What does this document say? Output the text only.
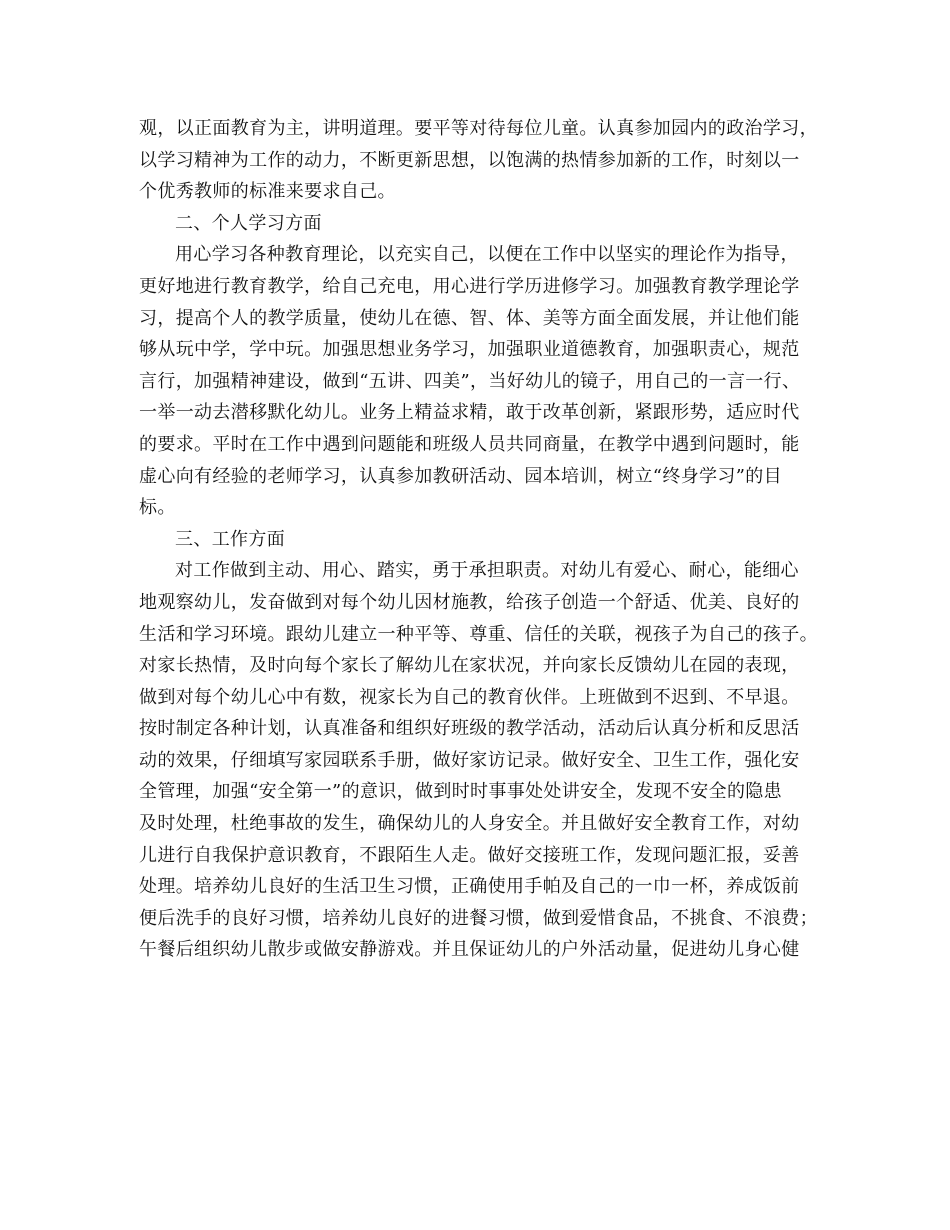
观，以正面教育为主，讲明道理。要平等对待每位儿童。认真参加园内的政治学习，
以学习精神为工作的动力，不断更新思想，以饱满的热情参加新的工作，时刻以一
个优秀教师的标准来要求自己。
二、个人学习方面
用心学习各种教育理论，以充实自己，以便在工作中以坚实的理论作为指导，
更好地进行教育教学，给自己充电，用心进行学历进修学习。加强教育教学理论学
习，提高个人的教学质量，使幼儿在德、智、体、美等方面全面发展，并让他们能
够从玩中学，学中玩。加强思想业务学习，加强职业道德教育，加强职责心，规范
言行，加强精神建设，做到“五讲、四美”，当好幼儿的镜子，用自己的一言一行、
一举一动去潜移默化幼儿。业务上精益求精，敢于改革创新，紧跟形势，适应时代
的要求。平时在工作中遇到问题能和班级人员共同商量，在教学中遇到问题时，能
虚心向有经验的老师学习，认真参加教研活动、园本培训，树立“终身学习”的目
标。
三、工作方面
对工作做到主动、用心、踏实，勇于承担职责。对幼儿有爱心、耐心，能细心
地观察幼儿，发奋做到对每个幼儿因材施教，给孩子创造一个舒适、优美、良好的
生活和学习环境。跟幼儿建立一种平等、尊重、信任的关联，视孩子为自己的孩子。
对家长热情，及时向每个家长了解幼儿在家状况，并向家长反馈幼儿在园的表现，
做到对每个幼儿心中有数，视家长为自己的教育伙伴。上班做到不迟到、不早退。
按时制定各种计划，认真准备和组织好班级的教学活动，活动后认真分析和反思活
动的效果，仔细填写家园联系手册，做好家访记录。做好安全、卫生工作，强化安
全管理，加强“安全第一”的意识，做到时时事事处处讲安全，发现不安全的隐患
及时处理，杜绝事故的发生，确保幼儿的人身安全。并且做好安全教育工作，对幼
儿进行自我保护意识教育，不跟陌生人走。做好交接班工作，发现问题汇报，妥善
处理。培养幼儿良好的生活卫生习惯，正确使用手帕及自己的一巾一杯，养成饭前
便后洗手的良好习惯，培养幼儿良好的进餐习惯，做到爱惜食品，不挑食、不浪费；
午餐后组织幼儿散步或做安静游戏。并且保证幼儿的户外活动量，促进幼儿身心健
